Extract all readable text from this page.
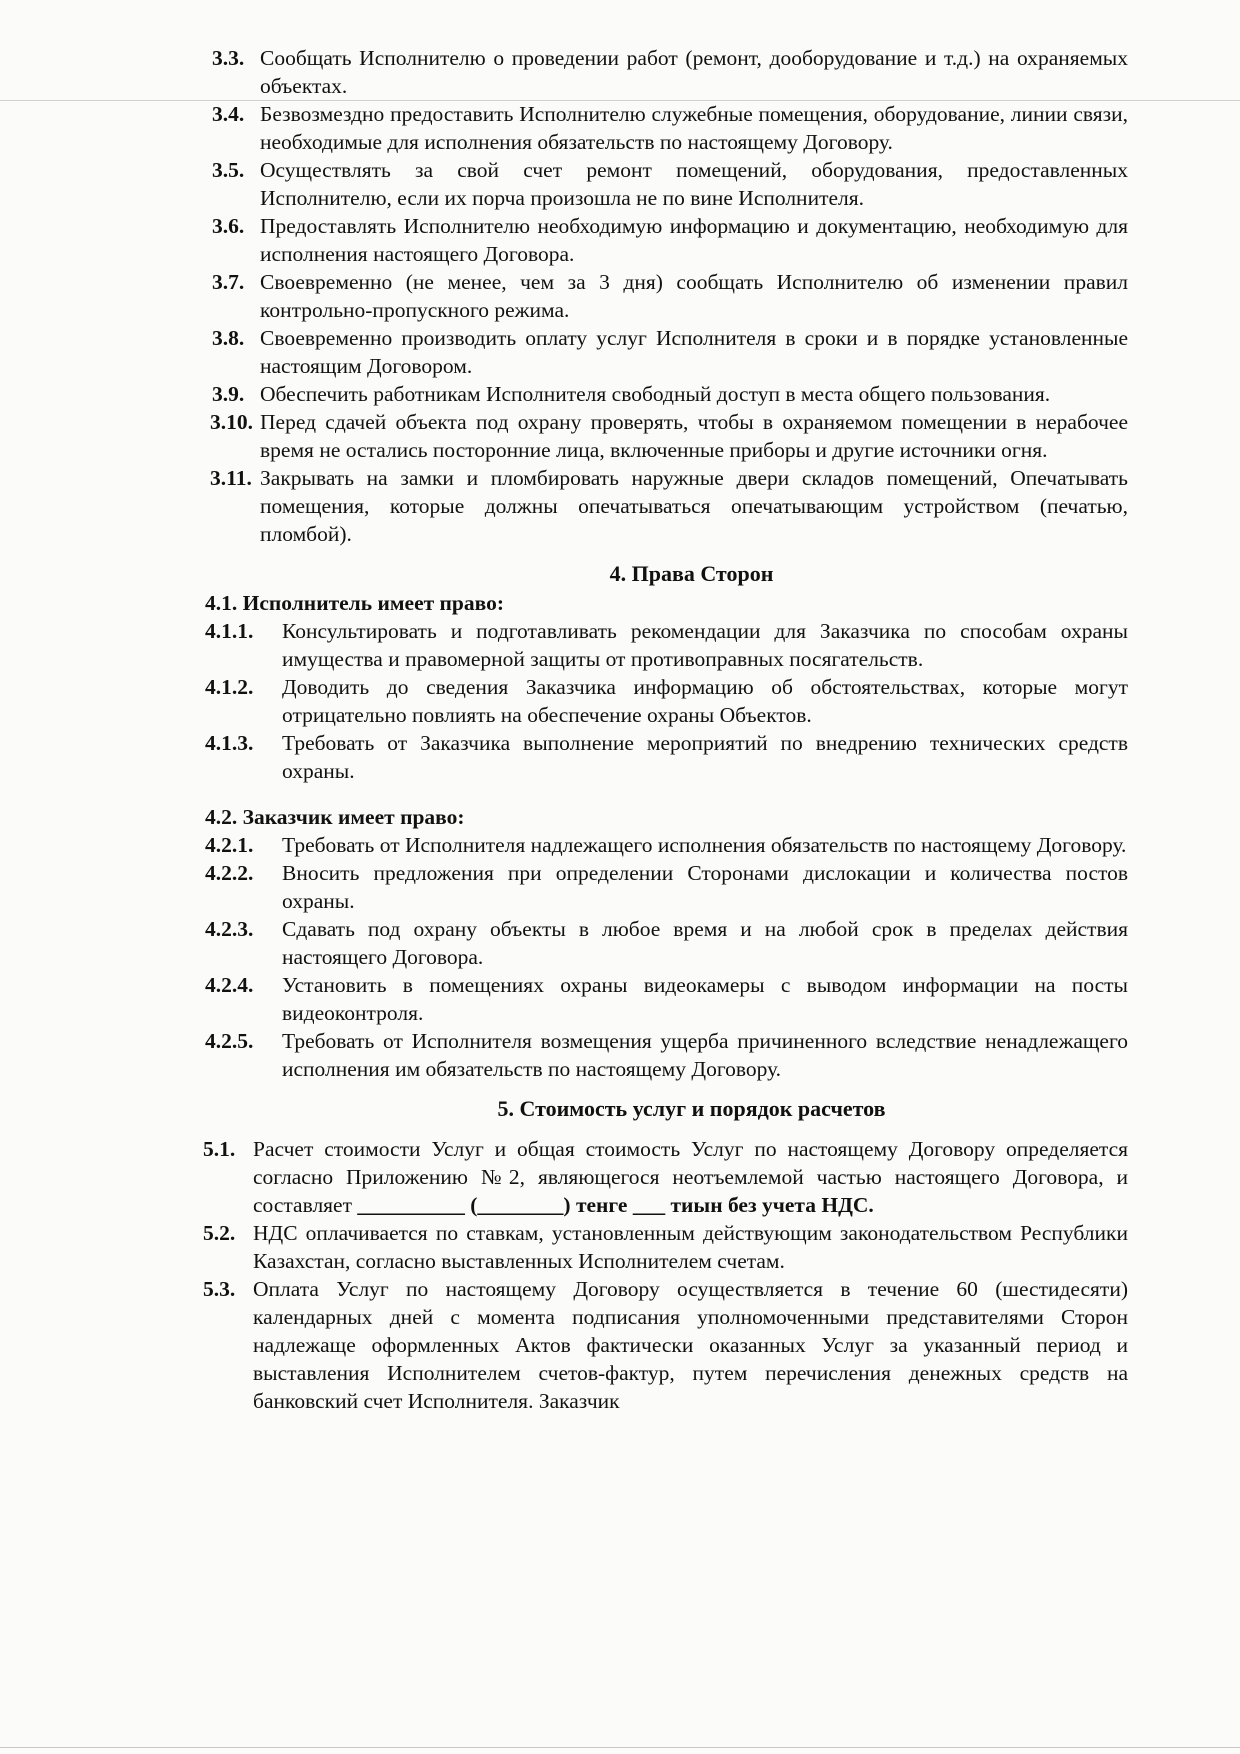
3.3. Сообщать Исполнителю о проведении работ (ремонт, дооборудование и т.д.) на охраняемых объектах.
3.4. Безвозмездно предоставить Исполнителю служебные помещения, оборудование, линии связи, необходимые для исполнения обязательств по настоящему Договору.
3.5. Осуществлять за свой счет ремонт помещений, оборудования, предоставленных Исполнителю, если их порча произошла не по вине Исполнителя.
3.6. Предоставлять Исполнителю необходимую информацию и документацию, необходимую для исполнения настоящего Договора.
3.7. Своевременно (не менее, чем за 3 дня) сообщать Исполнителю об изменении правил контрольно-пропускного режима.
3.8. Своевременно производить оплату услуг Исполнителя в сроки и в порядке установленные настоящим Договором.
3.9. Обеспечить работникам Исполнителя свободный доступ в места общего пользования.
3.10. Перед сдачей объекта под охрану проверять, чтобы в охраняемом помещении в нерабочее время не остались посторонние лица, включенные приборы и другие источники огня.
3.11. Закрывать на замки и пломбировать наружные двери складов помещений, Опечатывать помещения, которые должны опечатываться опечатывающим устройством (печатью, пломбой).
4. Права Сторон
4.1. Исполнитель имеет право:
4.1.1. Консультировать и подготавливать рекомендации для Заказчика по способам охраны имущества и правомерной защиты от противоправных посягательств.
4.1.2. Доводить до сведения Заказчика информацию об обстоятельствах, которые могут отрицательно повлиять на обеспечение охраны Объектов.
4.1.3. Требовать от Заказчика выполнение мероприятий по внедрению технических средств охраны.
4.2. Заказчик имеет право:
4.2.1. Требовать от Исполнителя надлежащего исполнения обязательств по настоящему Договору.
4.2.2. Вносить предложения при определении Сторонами дислокации и количества постов охраны.
4.2.3. Сдавать под охрану объекты в любое время и на любой срок в пределах действия настоящего Договора.
4.2.4. Установить в помещениях охраны видеокамеры с выводом информации на посты видеоконтроля.
4.2.5. Требовать от Исполнителя возмещения ущерба причиненного вследствие ненадлежащего исполнения им обязательств по настоящему Договору.
5. Стоимость услуг и порядок расчетов
5.1. Расчет стоимости Услуг и общая стоимость Услуг по настоящему Договору определяется согласно Приложению №2, являющегося неотъемлемой частью настоящего Договора, и составляет __________ (________) тенге ___ тиын без учета НДС.
5.2. НДС оплачивается по ставкам, установленным действующим законодательством Республики Казахстан, согласно выставленных Исполнителем счетам.
5.3. Оплата Услуг по настоящему Договору осуществляется в течение 60 (шестидесяти) календарных дней с момента подписания уполномоченными представителями Сторон надлежаще оформленных Актов фактически оказанных Услуг за указанный период и выставления Исполнителем счетов-фактур, путем перечисления денежных средств на банковский счет Исполнителя. Заказчик
